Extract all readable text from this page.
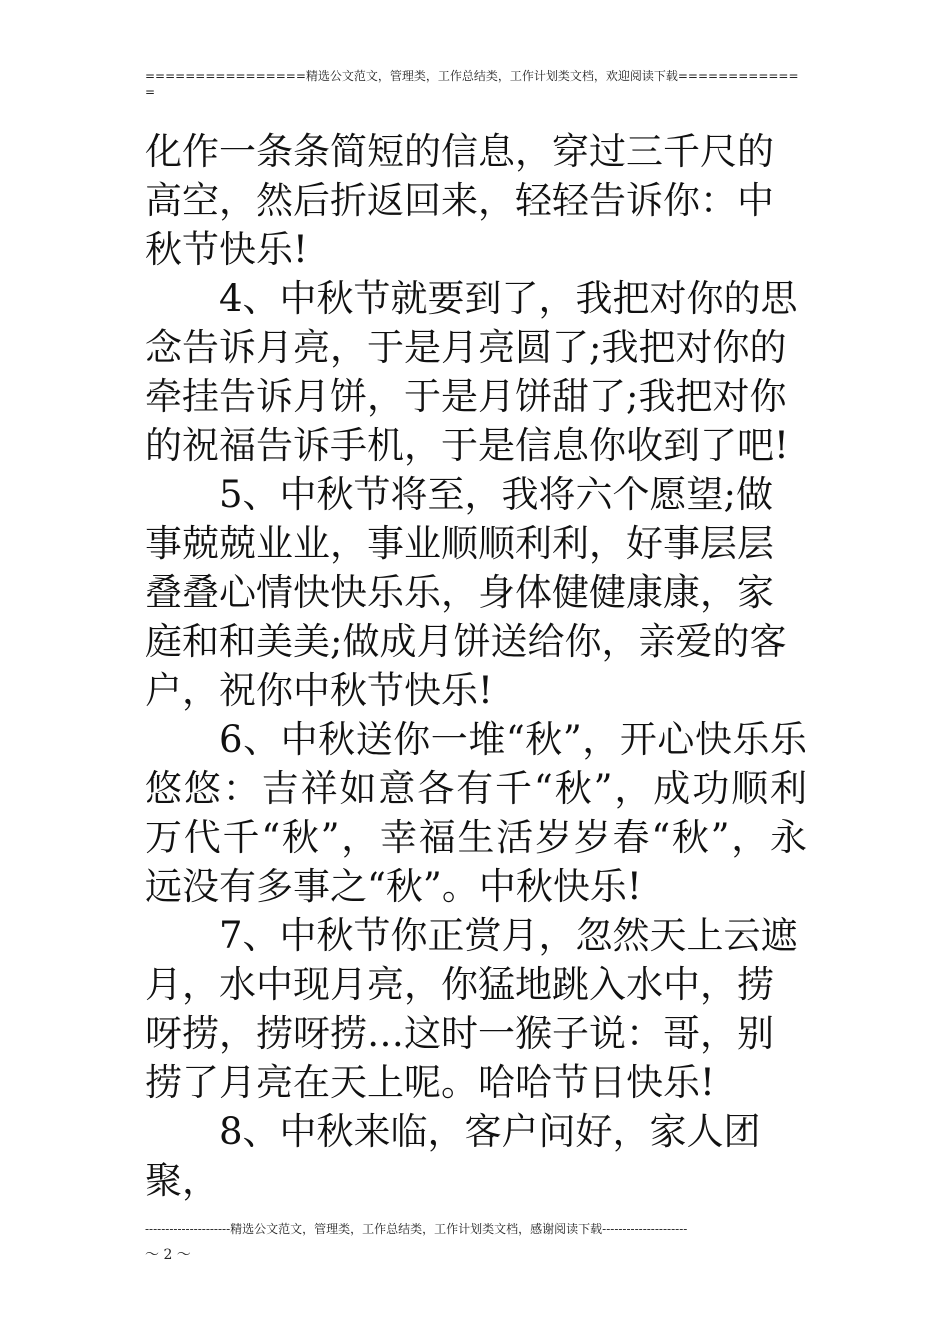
================精选公文范文，管理类，工作总结类，工作计划类文档，欢迎阅读下载=============

化作一条条简短的信息，穿过三千尺的高空，然后折返回来，轻轻告诉你：中秋节快乐!

4、中秋节就要到了，我把对你的思念告诉月亮，于是月亮圆了;我把对你的牵挂告诉月饼，于是月饼甜了;我把对你的祝福告诉手机，于是信息你收到了吧!

5、中秋节将至，我将六个愿望;做事兢兢业业，事业顺顺利利，好事层层叠叠心情快快乐乐，身体健健康康，家庭和和美美;做成月饼送给你，亲爱的客户，祝你中秋节快乐!

6、中秋送你一堆“秋”，开心快乐乐悠悠：吉祥如意各有千“秋”，成功顺利万代千“秋”，幸福生活岁岁春“秋”，永远没有多事之“秋”。中秋快乐!

7、中秋节你正赏月，忽然天上云遮月，水中现月亮，你猛地跳入水中，捞呀捞，捞呀捞…这时一猴子说：哥，别捞了月亮在天上呢。哈哈节日快乐!

8、中秋来临，客户问好，家人团聚，

---------------------精选公文范文，管理类，工作总结类，工作计划类文档，感谢阅读下载---------------------
～ 2 ～
